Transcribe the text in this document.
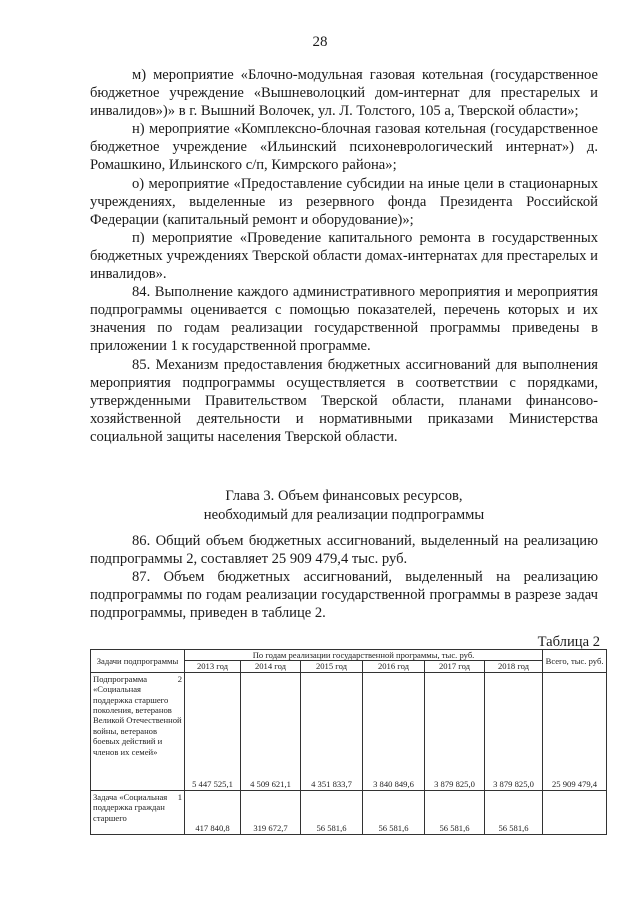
28

м) мероприятие «Блочно-модульная газовая котельная (государственное бюджетное учреждение «Вышневолоцкий дом-интернат для престарелых и инвалидов»)» в г. Вышний Волочек, ул. Л. Толстого, 105 а, Тверской области»;

н) мероприятие «Комплексно-блочная газовая котельная (государственное бюджетное учреждение «Ильинский психоневрологический интернат») д. Ромашкино, Ильинского с/п, Кимрского района»;

о) мероприятие «Предоставление субсидии на иные цели в стационарных учреждениях, выделенные из резервного фонда Президента Российской Федерации (капитальный ремонт и оборудование)»;

п) мероприятие «Проведение капитального ремонта в государственных бюджетных учреждениях Тверской области домах-интернатах для престарелых и инвалидов».

84. Выполнение каждого административного мероприятия и мероприятия подпрограммы оценивается с помощью показателей, перечень которых и их значения по годам реализации государственной программы приведены в приложении 1 к государственной программе.

85. Механизм предоставления бюджетных ассигнований для выполнения мероприятия подпрограммы осуществляется в соответствии с порядками, утвержденными Правительством Тверской области, планами финансово-хозяйственной деятельности и нормативными приказами Министерства социальной защиты населения Тверской области.

Глава 3. Объем финансовых ресурсов,
необходимый для реализации подпрограммы

86. Общий объем бюджетных ассигнований, выделенный на реализацию подпрограммы 2, составляет 25 909 479,4 тыс. руб.

87. Объем бюджетных ассигнований, выделенный на реализацию подпрограммы по годам реализации государственной программы в разрезе задач подпрограммы, приведен в таблице 2.

Таблица 2
Задачи подпрограммы	По годам реализации государственной программы, тыс. руб.						Всего, тыс. руб.
	2013 год	2014 год	2015 год	2016 год	2017 год	2018 год	

2
Подпрограмма «Социальная поддержка старшего поколения, ветеранов Великой Отечественной войны, ветеранов боевых действий и членов их семей»	5 447 525,1	4 509 621,1	4 351 833,7	3 840 849,6	3 879 825,0	3 879 825,0	25 909 479,4

1
Задача «Социальная поддержка граждан старшего	417 840,8	319 672,7	56 581,6	56 581,6	56 581,6	56 581,6	
